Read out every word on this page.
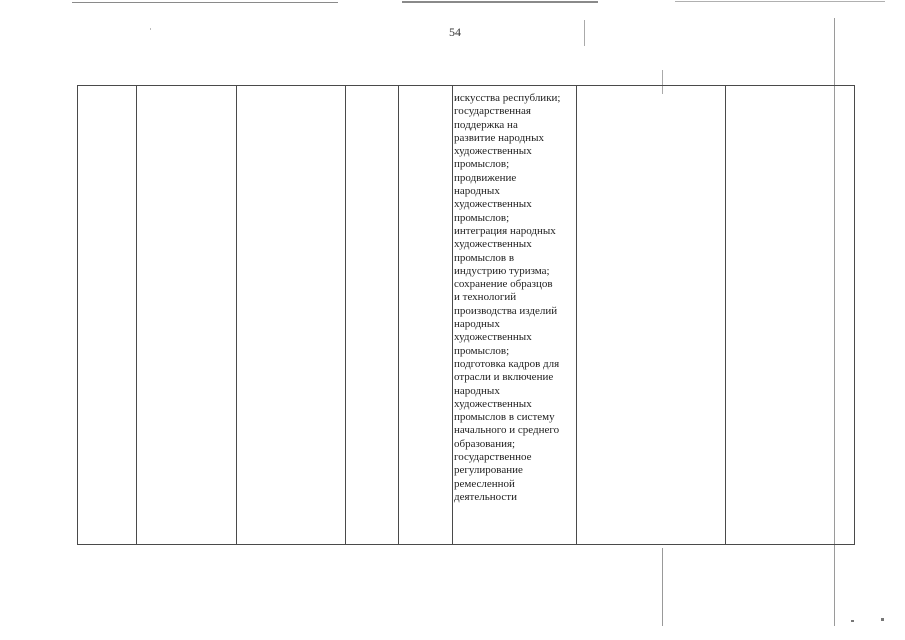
54
искусства республики;
государственная
поддержка на
развитие народных
художественных
промыслов;
продвижение
народных
художественных
промыслов;
интеграция народных
художественных
промыслов в
индустрию туризма;
сохранение образцов
и технологий
производства изделий
народных
художественных
промыслов;
подготовка кадров для
отрасли и включение
народных
художественных
промыслов в систему
начального и среднего
образования;
государственное
регулирование
ремесленной
деятельности
